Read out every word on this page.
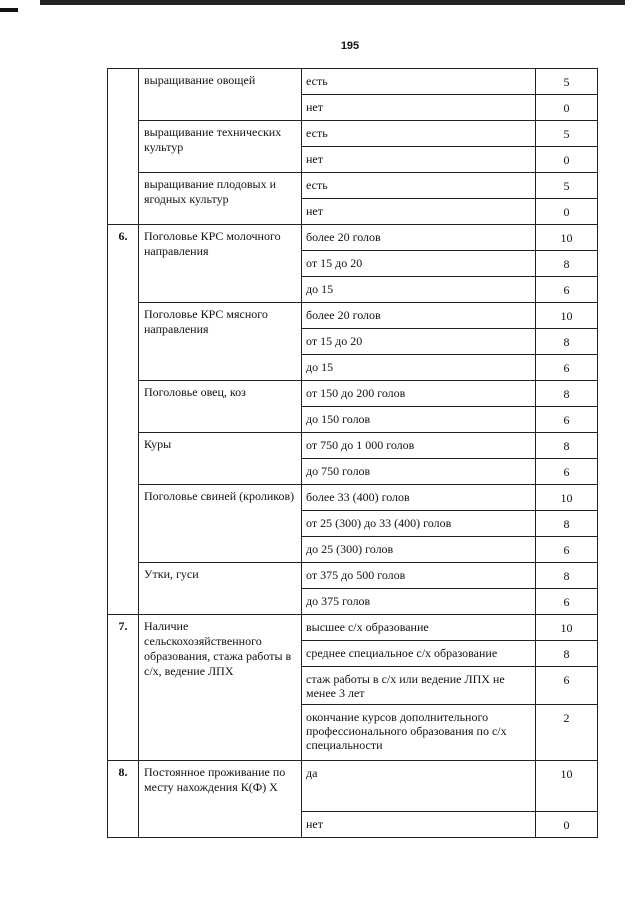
195
	выращивание овощей	есть	5
		нет	0
	выращивание технических культур	есть	5
		нет	0
	выращивание плодовых и ягодных культур	есть	5
		нет	0
6.	Поголовье КРС молочного направления	более 20 голов	10
		от 15 до 20	8
		до 15	6
	Поголовье КРС мясного направления	более 20 голов	10
		от 15 до 20	8
		до 15	6
	Поголовье овец, коз	от 150 до 200 голов	8
		до 150 голов	6
	Куры	от 750 до 1 000 голов	8
		до 750 голов	6
	Поголовье свиней (кроликов)	более 33 (400) голов	10
		от 25 (300) до 33 (400) голов	8
		до 25 (300) голов	6
	Утки, гуси	от 375 до 500 голов	8
		до 375 голов	6
7.	Наличие сельскохозяйственного образования, стажа работы в с/х, ведение ЛПХ	высшее с/х образование	10
		среднее специальное с/х образование	8
		стаж работы в с/х или ведение ЛПХ не менее 3 лет	6
		окончание курсов дополнительного профессионального образования по с/х специальности	2
8.	Постоянное проживание по месту нахождения К(Ф) Х	да	10
		нет	0
